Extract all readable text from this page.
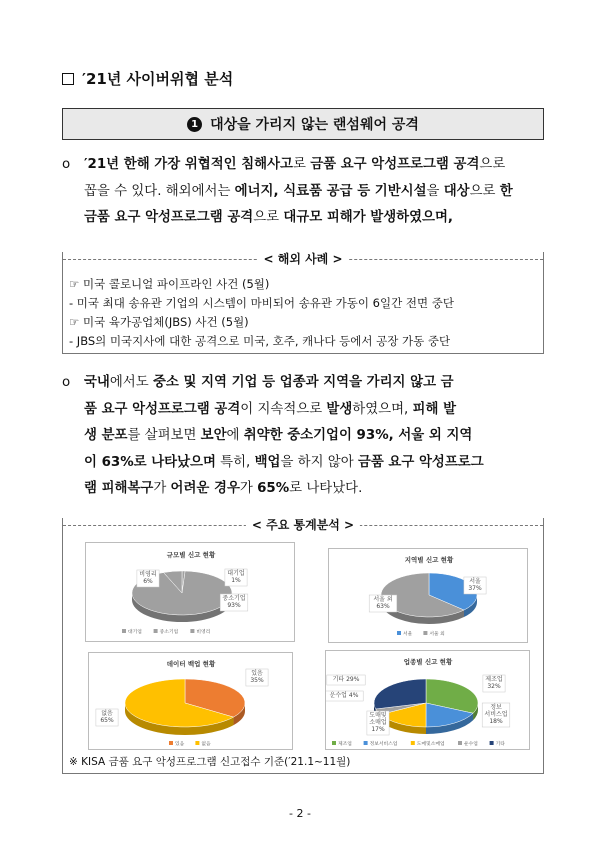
′21년 사이버위협 분석
1 대상을 가리지 않는 랜섬웨어 공격
o	′21년 한해 가장 위협적인 침해사고로 금품 요구 악성프로그램 공격으로
꼽을 수 있다. 해외에서는 에너지, 식료품 공급 등 기반시설을 대상으로 한
금품 요구 악성프로그램 공격으로 대규모 피해가 발생하였으며,
< 해외 사례 >
☞ 미국 콜로니얼 파이프라인 사건 (5월)
- 미국 최대 송유관 기업의 시스템이 마비되어 송유관 가동이 6일간 전면 중단
☞ 미국 육가공업체(JBS) 사건 (5월)
- JBS의 미국지사에 대한 공격으로 미국, 호주, 캐나다 등에서 공장 가동 중단
o	국내에서도 중소 및 지역 기업 등 업종과 지역을 가리지 않고 금
품 요구 악성프로그램 공격이 지속적으로 발생하였으며, 피해 발
생 분포를 살펴보면 보안에 취약한 중소기업이 93%, 서울 외 지역
이 63%로 나타났으며 특히, 백업을 하지 않아 금품 요구 악성프로그
램 피해복구가 어려운 경우가 65%로 나타났다.
< 주요 통계분석 >
규모별 신고 현황
대기업
1%
중소기업
93%
비영리
6%
대기업	중소기업	비영리
지역별 신고 현황
서울
37%
서울 외
63%
서울	서울 외
데이터 백업 현황
있음
35%
없음
65%
있음	없음
업종별 신고 현황
제조업
32%
정보
서비스업
18%
도매및
소매업
17%
운수업 4%
기타 29%
제조업	정보서비스업	도매및소매업	운수업	기타
※ KISA 금품 요구 악성프로그램 신고접수 기준(′21.1~11월)
- 2 -
